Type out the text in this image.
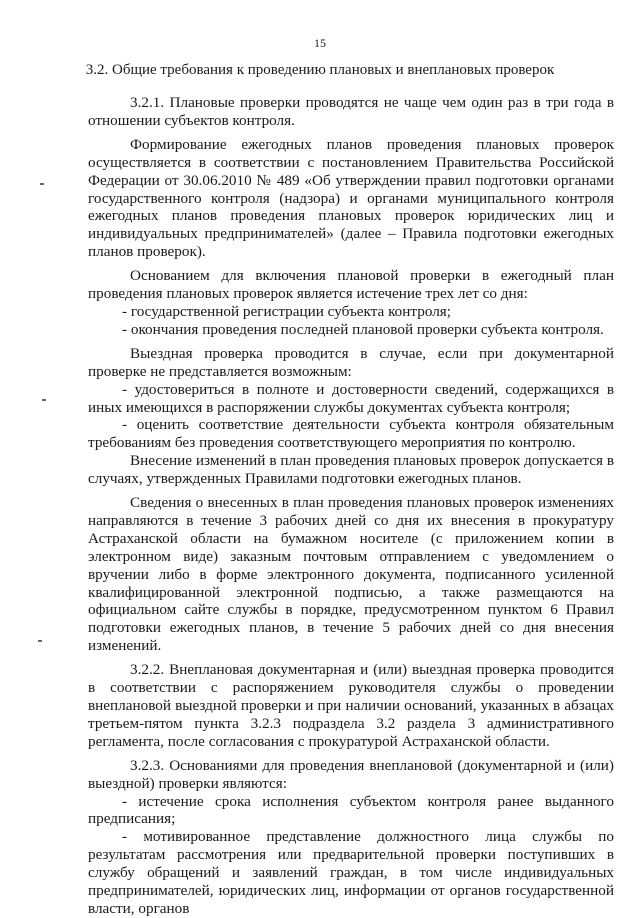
15
3.2. Общие требования к проведению плановых и внеплановых проверок

3.2.1. Плановые проверки проводятся не чаще чем один раз в три года в отношении субъектов контроля.

Формирование ежегодных планов проведения плановых проверок осуществляется в соответствии с постановлением Правительства Российской Федерации от 30.06.2010 № 489 «Об утверждении правил подготовки органами государственного контроля (надзора) и органами муниципального контроля ежегодных планов проведения плановых проверок юридических лиц и индивидуальных предпринимателей» (далее – Правила подготовки ежегодных планов проверок).

Основанием для включения плановой проверки в ежегодный план проведения плановых проверок является истечение трех лет со дня:

- государственной регистрации субъекта контроля;

- окончания проведения последней плановой проверки субъекта контроля.

Выездная проверка проводится в случае, если при документарной проверке не представляется возможным:

- удостовериться в полноте и достоверности сведений, содержащихся в иных имеющихся в распоряжении службы документах субъекта контроля;

- оценить соответствие деятельности субъекта контроля обязательным требованиям без проведения соответствующего мероприятия по контролю.

Внесение изменений в план проведения плановых проверок допускается в случаях, утвержденных Правилами подготовки ежегодных планов.

Сведения о внесенных в план проведения плановых проверок изменениях направляются в течение 3 рабочих дней со дня их внесения в прокуратуру Астраханской области на бумажном носителе (с приложением копии в электронном виде) заказным почтовым отправлением с уведомлением о вручении либо в форме электронного документа, подписанного усиленной квалифицированной электронной подписью, а также размещаются на официальном сайте службы в порядке, предусмотренном пунктом 6 Правил подготовки ежегодных планов, в течение 5 рабочих дней со дня внесения изменений.

3.2.2. Внеплановая документарная и (или) выездная проверка проводится в соответствии с распоряжением руководителя службы о проведении внеплановой выездной проверки и при наличии оснований, указанных в абзацах третьем-пятом пункта 3.2.3 подраздела 3.2 раздела 3 административного регламента, после согласования с прокуратурой Астраханской области.

3.2.3. Основаниями для проведения внеплановой (документарной и (или) выездной) проверки являются:

- истечение срока исполнения субъектом контроля ранее выданного предписания;

- мотивированное представление должностного лица службы по результатам рассмотрения или предварительной проверки поступивших в службу обращений и заявлений граждан, в том числе индивидуальных предпринимателей, юридических лиц, информации от органов государственной власти, органов
